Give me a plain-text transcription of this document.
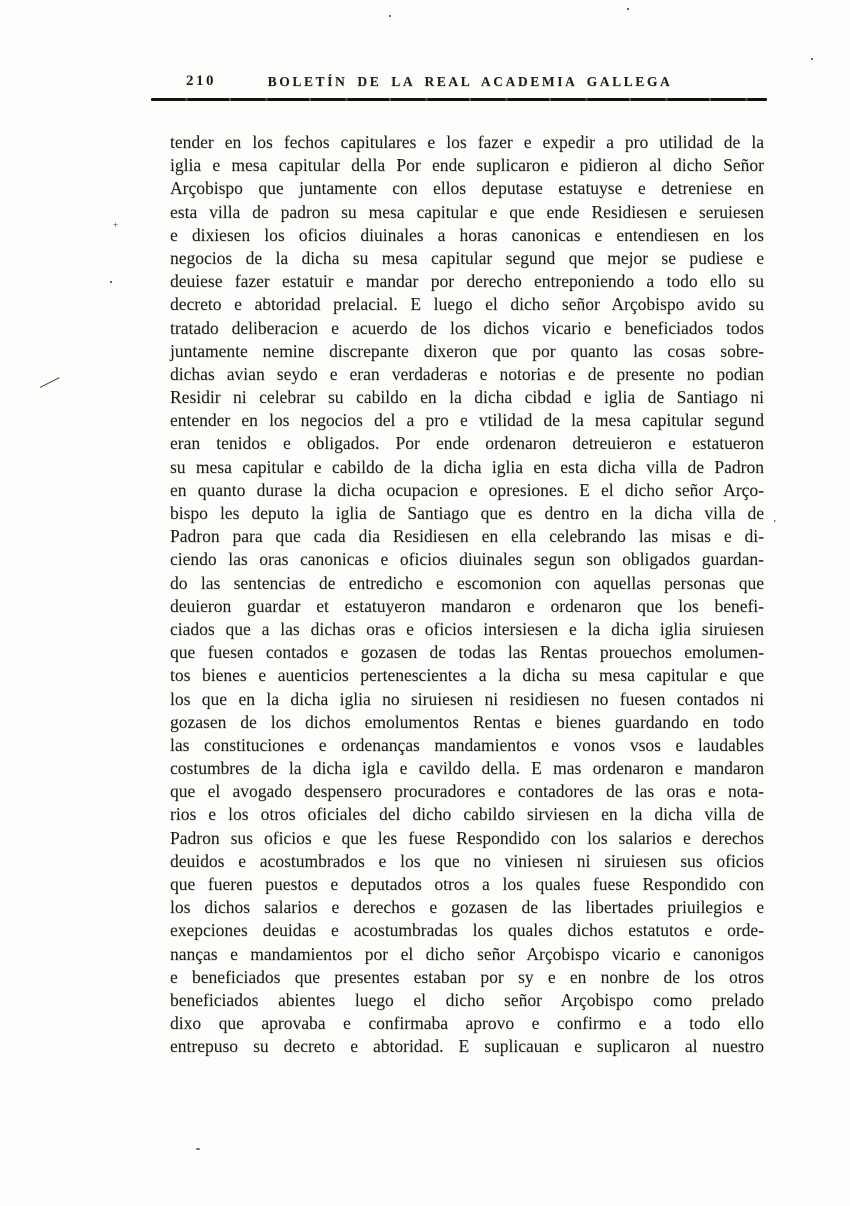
210	BOLETÍN DE LA REAL ACADEMIA GALLEGA
tender en los fechos capitulares e los fazer e expedir a pro utilidad de la
iglia e mesa capitular della Por ende suplicaron e pidieron al dicho Señor
Arçobispo que juntamente con ellos deputase estatuyse e detreniese en
esta villa de padron su mesa capitular e que ende Residiesen e seruiesen
e dixiesen los oficios diuinales a horas canonicas e entendiesen en los
negocios de la dicha su mesa capitular segund que mejor se pudiese e
deuiese fazer estatuir e mandar por derecho entreponiendo a todo ello su
decreto e abtoridad prelacial. E luego el dicho señor Arçobispo avido su
tratado deliberacion e acuerdo de los dichos vicario e beneficiados todos
juntamente nemine discrepante dixeron que por quanto las cosas sobre-
dichas avian seydo e eran verdaderas e notorias e de presente no podian
Residir ni celebrar su cabildo en la dicha cibdad e iglia de Santiago ni
entender en los negocios del a pro e vtilidad de la mesa capitular segund
eran tenidos e obligados. Por ende ordenaron detreuieron e estatueron
su mesa capitular e cabildo de la dicha iglia en esta dicha villa de Padron
en quanto durase la dicha ocupacion e opresiones. E el dicho señor Arço-
bispo les deputo la iglia de Santiago que es dentro en la dicha villa de
Padron para que cada dia Residiesen en ella celebrando las misas e di-
ciendo las oras canonicas e oficios diuinales segun son obligados guardan-
do las sentencias de entredicho e escomonion con aquellas personas que
deuieron guardar et estatuyeron mandaron e ordenaron que los benefi-
ciados que a las dichas oras e oficios intersiesen e la dicha iglia siruiesen
que fuesen contados e gozasen de todas las Rentas prouechos emolumen-
tos bienes e auenticios pertenescientes a la dicha su mesa capitular e que
los que en la dicha iglia no siruiesen ni residiesen no fuesen contados ni
gozasen de los dichos emolumentos Rentas e bienes guardando en todo
las constituciones e ordenanças mandamientos e vonos vsos e laudables
costumbres de la dicha igla e cavildo della. E mas ordenaron e mandaron
que el avogado despensero procuradores e contadores de las oras e nota-
rios e los otros oficiales del dicho cabildo sirviesen en la dicha villa de
Padron sus oficios e que les fuese Respondido con los salarios e derechos
deuidos e acostumbrados e los que no viniesen ni siruiesen sus oficios
que fueren puestos e deputados otros a los quales fuese Respondido con
los dichos salarios e derechos e gozasen de las libertades priuilegios e
exepciones deuidas e acostumbradas los quales dichos estatutos e orde-
nanças e mandamientos por el dicho señor Arçobispo vicario e canonigos
e beneficiados que presentes estaban por sy e en nonbre de los otros
beneficiados abientes luego el dicho señor Arçobispo como prelado
dixo que aprovaba e confirmaba aprovo e confirmo e a todo ello
entrepuso su decreto e abtoridad. E suplicauan e suplicaron al nuestro
+
ʼ
